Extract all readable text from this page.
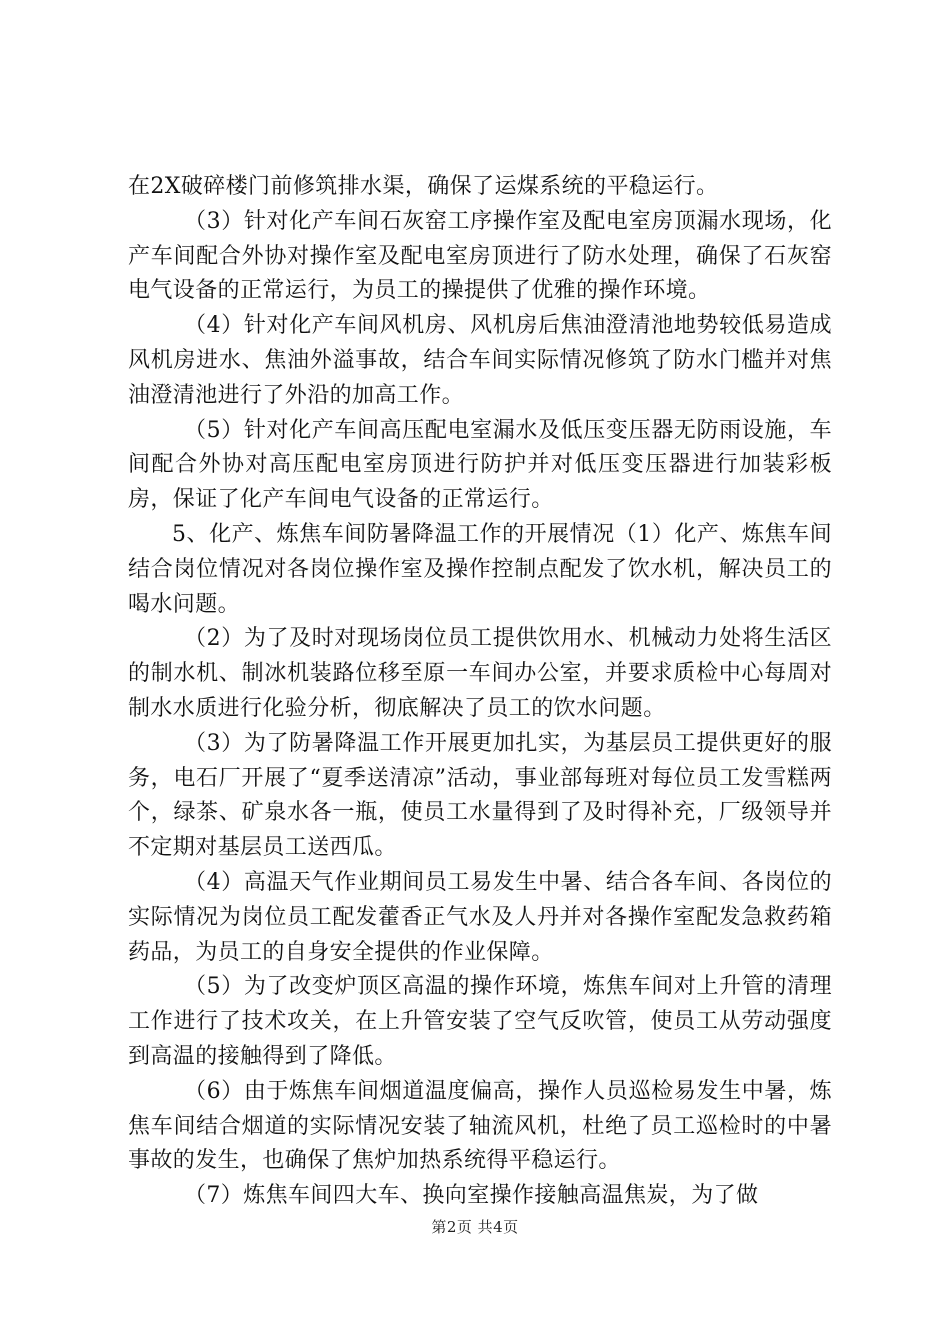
在2X破碎楼门前修筑排水渠，确保了运煤系统的平稳运行。

（3）针对化产车间石灰窑工序操作室及配电室房顶漏水现场，化产车间配合外协对操作室及配电室房顶进行了防水处理，确保了石灰窑电气设备的正常运行，为员工的操提供了优雅的操作环境。

（4）针对化产车间风机房、风机房后焦油澄清池地势较低易造成风机房进水、焦油外溢事故，结合车间实际情况修筑了防水门槛并对焦油澄清池进行了外沿的加高工作。

（5）针对化产车间高压配电室漏水及低压变压器无防雨设施，车间配合外协对高压配电室房顶进行防护并对低压变压器进行加装彩板房，保证了化产车间电气设备的正常运行。

5、化产、炼焦车间防暑降温工作的开展情况（1）化产、炼焦车间结合岗位情况对各岗位操作室及操作控制点配发了饮水机，解决员工的喝水问题。

（2）为了及时对现场岗位员工提供饮用水、机械动力处将生活区的制水机、制冰机装路位移至原一车间办公室，并要求质检中心每周对制水水质进行化验分析，彻底解决了员工的饮水问题。

（3）为了防暑降温工作开展更加扎实，为基层员工提供更好的服务，电石厂开展了“夏季送清凉”活动，事业部每班对每位员工发雪糕两个，绿茶、矿泉水各一瓶，使员工水量得到了及时得补充，厂级领导并不定期对基层员工送西瓜。

（4）高温天气作业期间员工易发生中暑、结合各车间、各岗位的实际情况为岗位员工配发藿香正气水及人丹并对各操作室配发急救药箱药品，为员工的自身安全提供的作业保障。

（5）为了改变炉顶区高温的操作环境，炼焦车间对上升管的清理工作进行了技术攻关，在上升管安装了空气反吹管，使员工从劳动强度到高温的接触得到了降低。

（6）由于炼焦车间烟道温度偏高，操作人员巡检易发生中暑，炼焦车间结合烟道的实际情况安装了轴流风机，杜绝了员工巡检时的中暑事故的发生，也确保了焦炉加热系统得平稳运行。

（7）炼焦车间四大车、换向室操作接触高温焦炭，为了做

第2页 共4页
